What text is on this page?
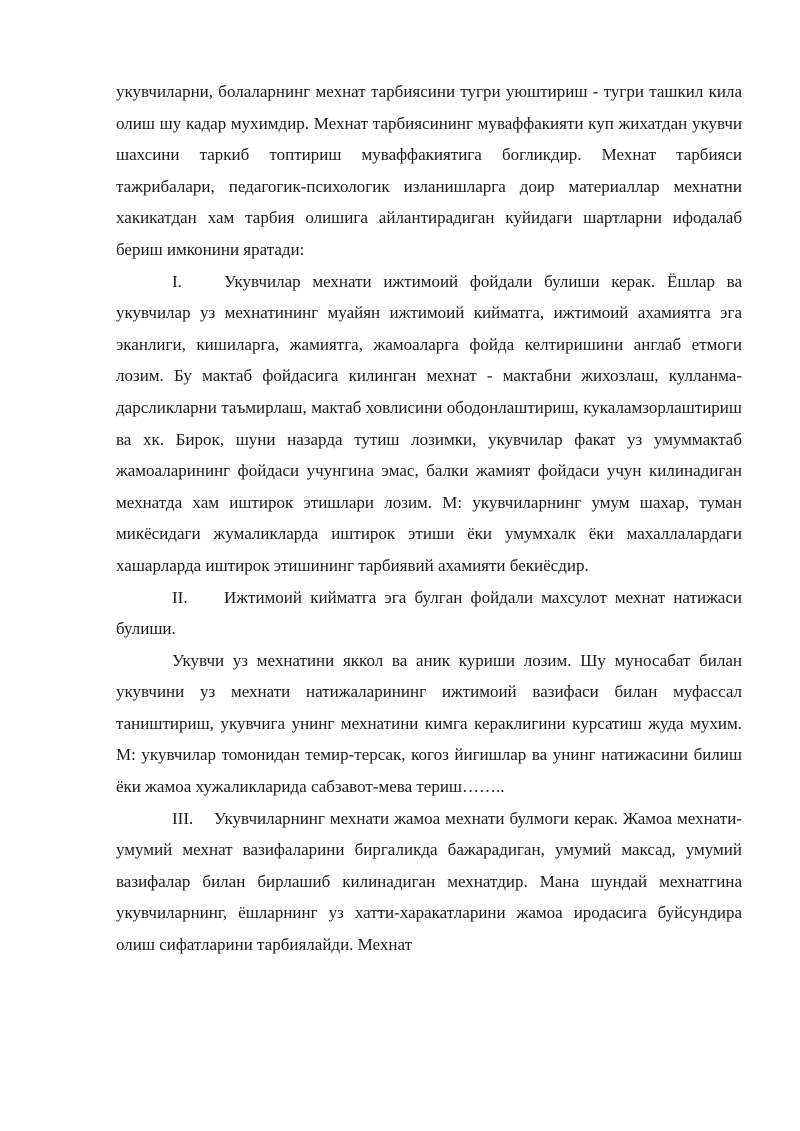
укувчиларни, болаларнинг мехнат тарбиясини тугри уюштириш - тугри ташкил кила олиш шу кадар мухимдир. Мехнат тарбиясининг муваффакияти куп жихатдан укувчи шахсини таркиб топтириш муваффакиятига богликдир. Мехнат тарбияси тажрибалари, педагогик-психологик изланишларга доир материаллар мехнатни хакикатдан хам тарбия олишига айлантирадиган куйидаги шартларни ифодалаб бериш имконини яратади:

I. Укувчилар мехнати ижтимоий фойдали булиши керак. Ёшлар ва укувчилар уз мехнатининг муайян ижтимоий кийматга, ижтимоий ахамиятга эга эканлиги, кишиларга, жамиятга, жамоаларга фойда келтиришини англаб етмоги лозим. Бу мактаб фойдасига килинган мехнат - мактабни жихозлаш, кулланма-дарсликларни таъмирлаш, мактаб ховлисини ободонлаштириш, кукаламзорлаштириш ва хк. Бирок, шуни назарда тутиш лозимки, укувчилар факат уз умуммактаб жамоаларининг фойдаси учунгина эмас, балки жамият фойдаси учун килинадиган мехнатда хам иштирок этишлари лозим. М: укувчиларнинг умум шахар, туман микёсидаги жумаликларда иштирок этиши ёки умумхалк ёки махаллалардаги хашарларда иштирок этишининг тарбиявий ахамияти бекиёсдир.

II. Ижтимоий кийматга эга булган фойдали махсулот мехнат натижаси булиши.

Укувчи уз мехнатини яккол ва аник куриши лозим. Шу муносабат билан укувчини уз мехнати натижаларининг ижтимоий вазифаси билан муфассал таништириш, укувчига унинг мехнатини кимга кераклигини курсатиш жуда мухим. М: укувчилар томонидан темир-терсак, когоз йигишлар ва унинг натижасини билиш ёки жамоа хужаликларида сабзавот-мева териш……..

III. Укувчиларнинг мехнати жамоа мехнати булмоги керак. Жамоа мехнати-умумий мехнат вазифаларини биргаликда бажарадиган, умумий максад, умумий вазифалар билан бирлашиб килинадиган мехнатдир. Мана шундай мехнатгина укувчиларнинг, ёшларнинг уз хатти-харакатларини жамоа иродасига буйсундира олиш сифатларини тарбиялайди. Мехнат
